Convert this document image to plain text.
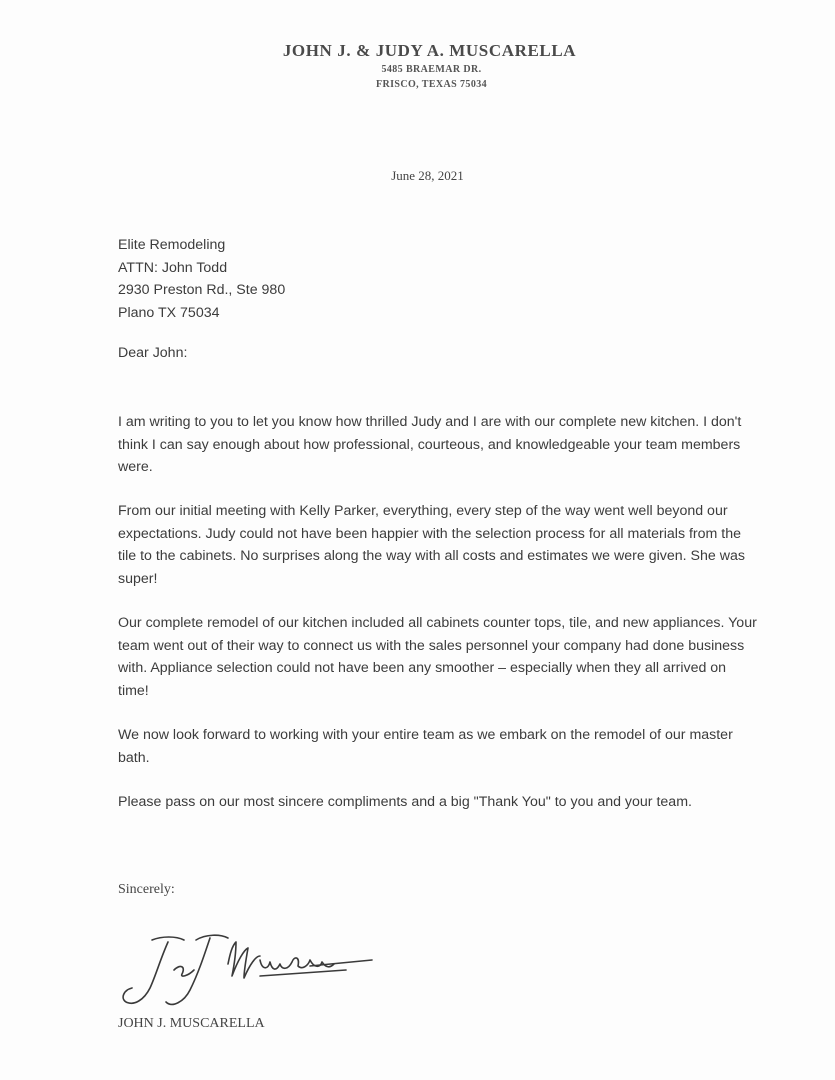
JOHN J. & JUDY A. MUSCARELLA
5485 BRAEMAR DR.
FRISCO, TEXAS 75034
June 28, 2021
Elite Remodeling
ATTN: John Todd
2930 Preston Rd., Ste 980
Plano TX 75034
Dear John:

I am writing to you to let you know how thrilled Judy and I are with our complete new kitchen. I don't think I can say enough about how professional, courteous, and knowledgeable your team members were.

From our initial meeting with Kelly Parker, everything, every step of the way went well beyond our expectations. Judy could not have been happier with the selection process for all materials from the tile to the cabinets. No surprises along the way with all costs and estimates we were given. She was super!

Our complete remodel of our kitchen included all cabinets counter tops, tile, and new appliances. Your team went out of their way to connect us with the sales personnel your company had done business with. Appliance selection could not have been any smoother – especially when they all arrived on time!

We now look forward to working with your entire team as we embark on the remodel of our master bath.

Please pass on our most sincere compliments and a big "Thank You" to you and your team.

Sincerely:
JOHN J. MUSCARELLA
